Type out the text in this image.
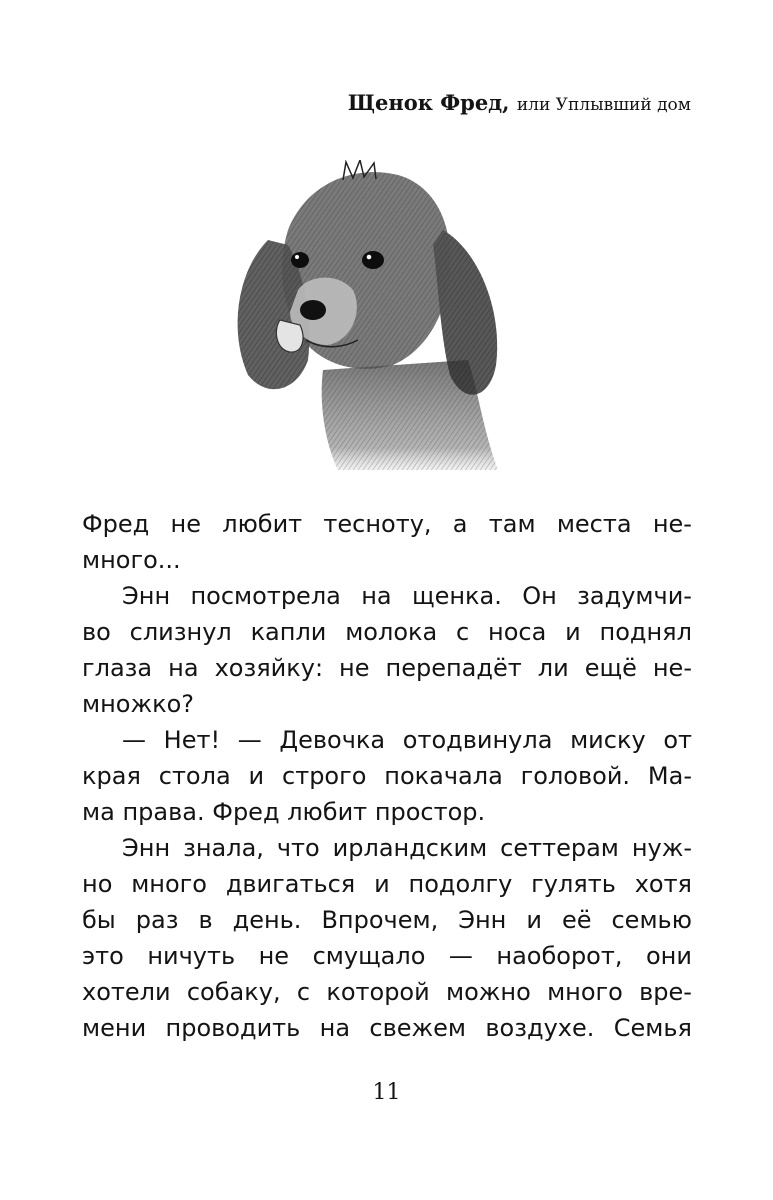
Щенок Фред, или Уплывший дом
Фред не любит тесноту, а там места не-
много...
Энн посмотрела на щенка. Он задумчи-
во слизнул капли молока с носа и поднял
глаза на хозяйку: не перепадёт ли ещё не-
множко?
— Нет! — Девочка отодвинула миску от
края стола и строго покачала головой. Ма-
ма права. Фред любит простор.
Энн знала, что ирландским сеттерам нуж-
но много двигаться и подолгу гулять хотя
бы раз в день. Впрочем, Энн и её семью
это ничуть не смущало — наоборот, они
хотели собаку, с которой можно много вре-
мени проводить на свежем воздухе. Семья
11
